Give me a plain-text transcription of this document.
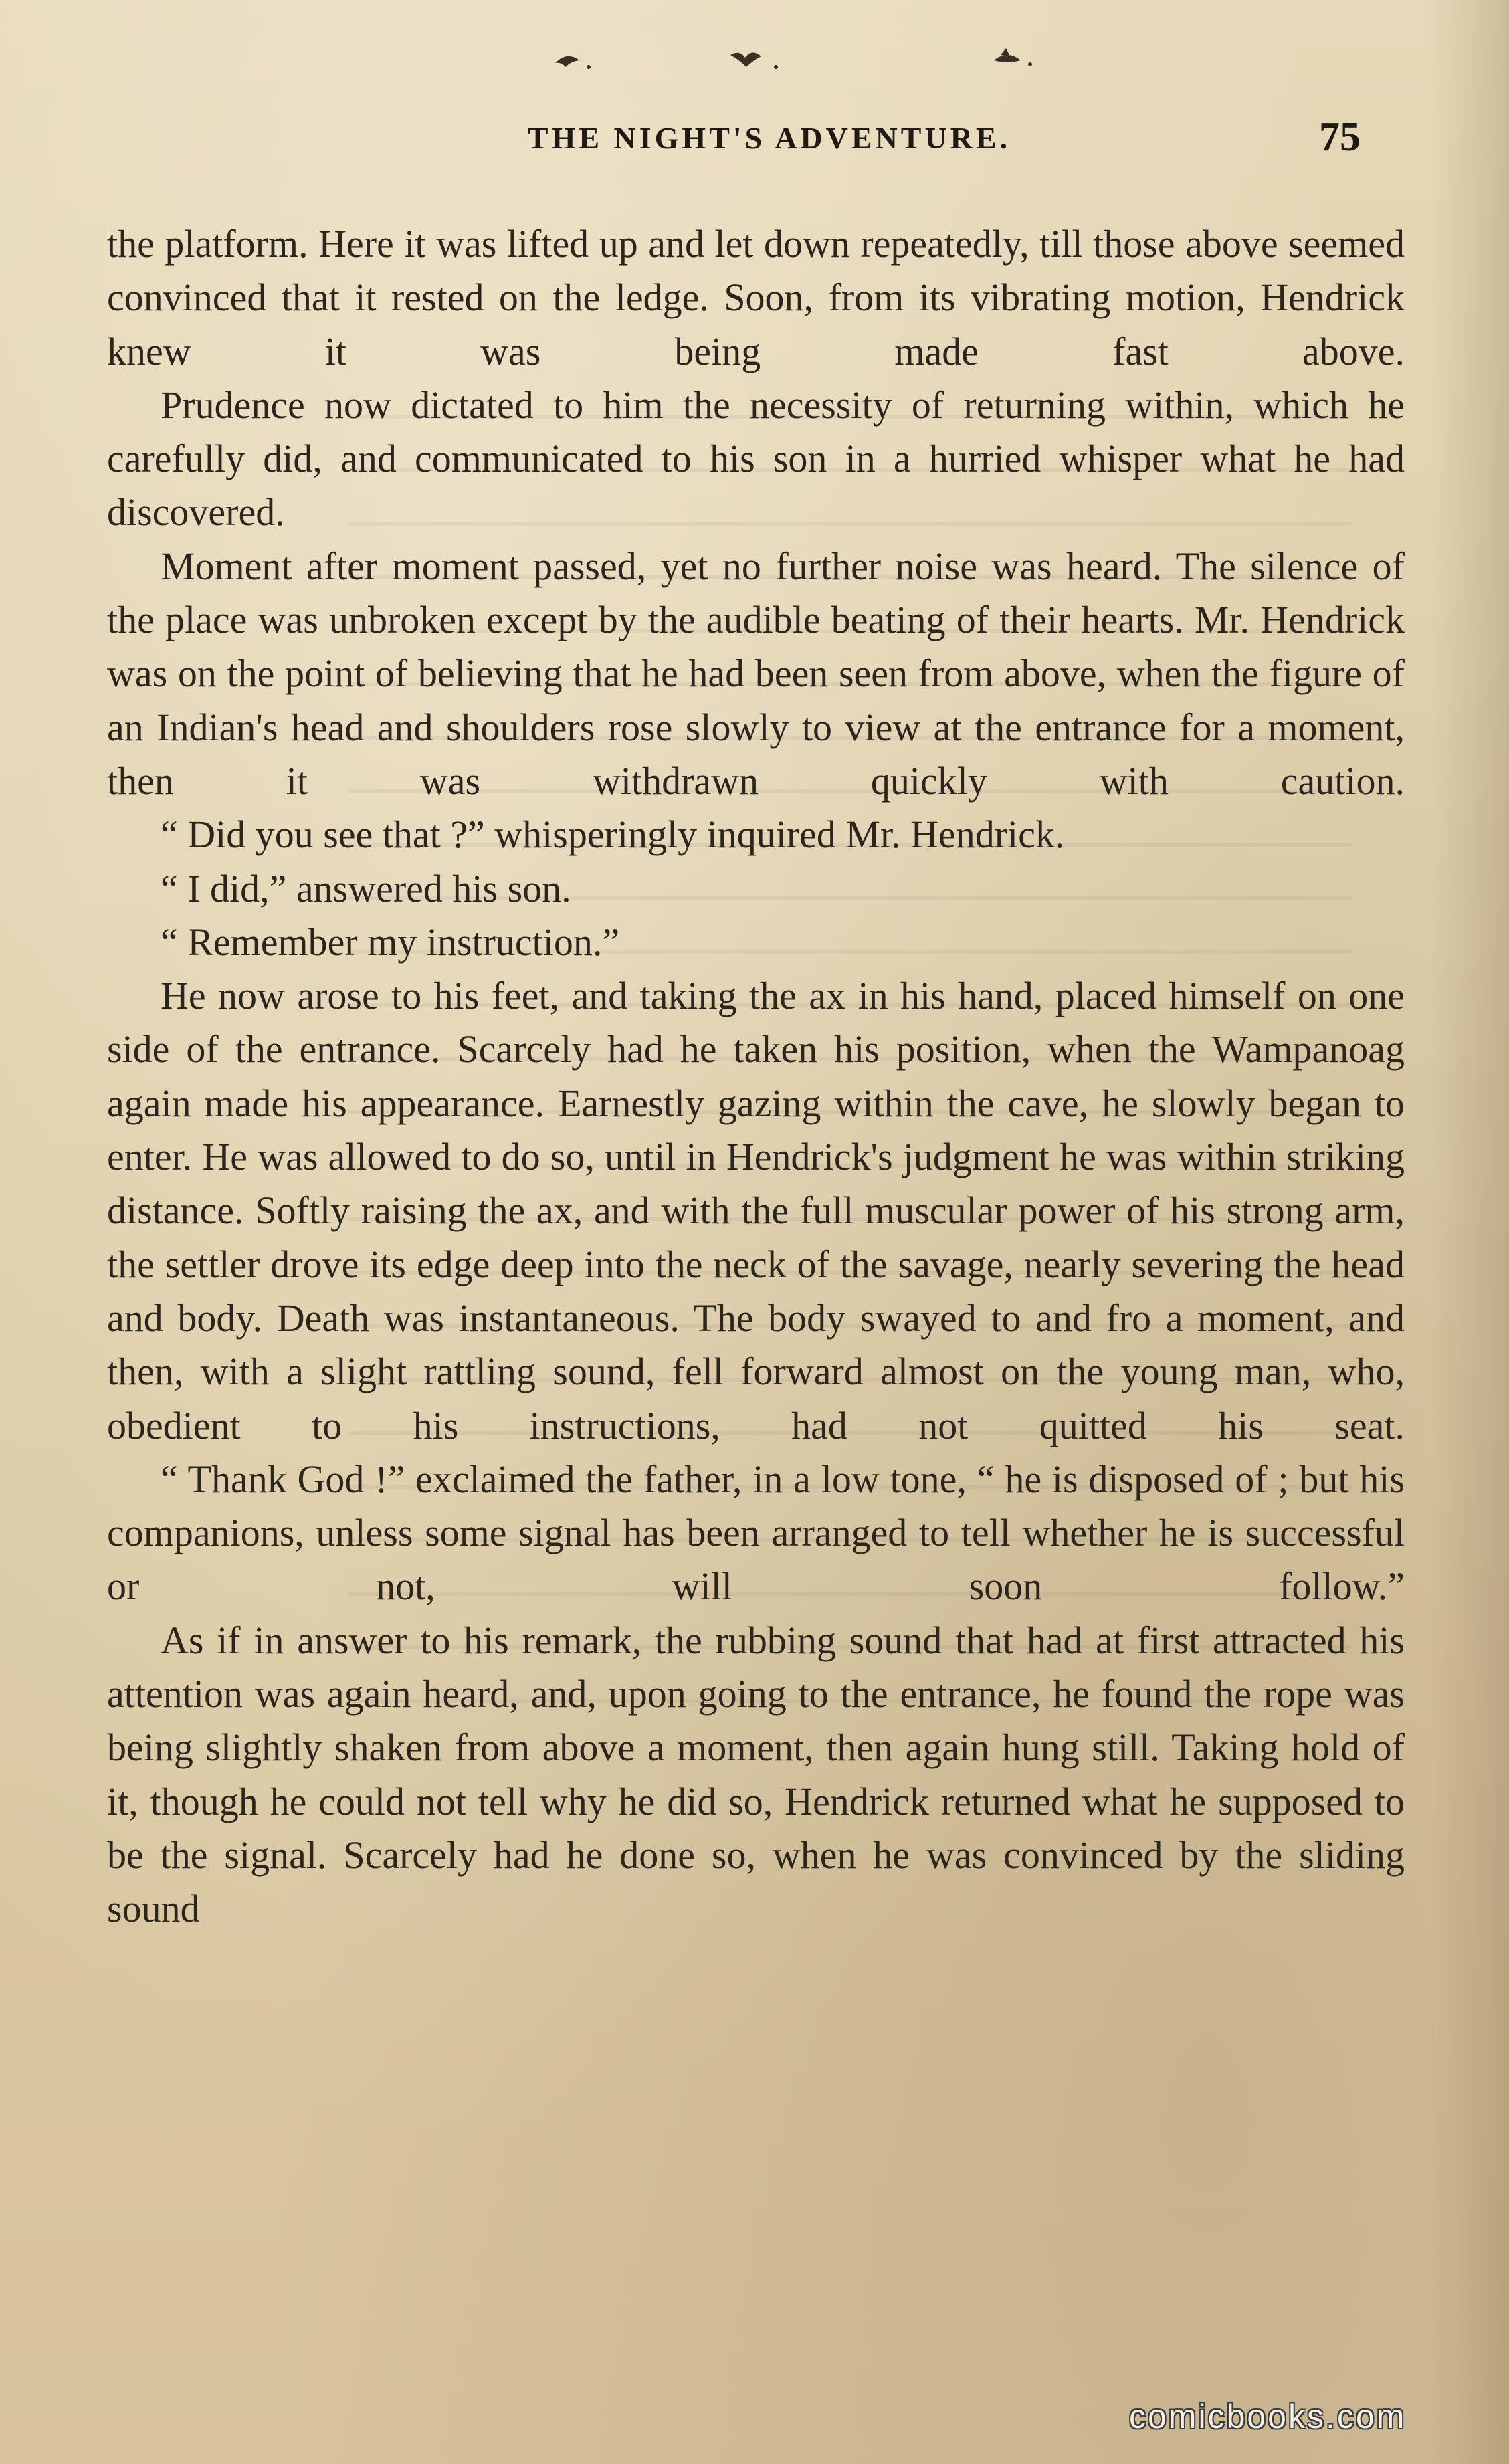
THE NIGHT'S ADVENTURE.	75

the platform. Here it was lifted up and let down repeatedly, till those above seemed convinced that it rested on the ledge. Soon, from its vibrating motion, Hendrick knew it was being made fast above.

Prudence now dictated to him the necessity of returning within, which he carefully did, and communicated to his son in a hurried whisper what he had discovered.

Moment after moment passed, yet no further noise was heard. The silence of the place was unbroken except by the audible beating of their hearts. Mr. Hendrick was on the point of believing that he had been seen from above, when the figure of an Indian's head and shoulders rose slowly to view at the entrance for a moment, then it was withdrawn quickly with caution.

“ Did you see that ?” whisperingly inquired Mr. Hendrick.

“ I did,” answered his son.

“ Remember my instruction.”

He now arose to his feet, and taking the ax in his hand, placed himself on one side of the entrance. Scarcely had he taken his position, when the Wampanoag again made his appearance. Earnestly gazing within the cave, he slowly began to enter. He was allowed to do so, until in Hendrick's judgment he was within striking distance. Softly raising the ax, and with the full muscular power of his strong arm, the settler drove its edge deep into the neck of the savage, nearly severing the head and body. Death was instantaneous. The body swayed to and fro a moment, and then, with a slight rattling sound, fell forward almost on the young man, who, obedient to his instructions, had not quitted his seat.

“ Thank God !” exclaimed the father, in a low tone, “ he is disposed of ; but his companions, unless some signal has been arranged to tell whether he is successful or not, will soon follow.”

As if in answer to his remark, the rubbing sound that had at first attracted his attention was again heard, and, upon going to the entrance, he found the rope was being slightly shaken from above a moment, then again hung still. Taking hold of it, though he could not tell why he did so, Hendrick returned what he supposed to be the signal. Scarcely had he done so, when he was convinced by the sliding sound

comicbooks.com
